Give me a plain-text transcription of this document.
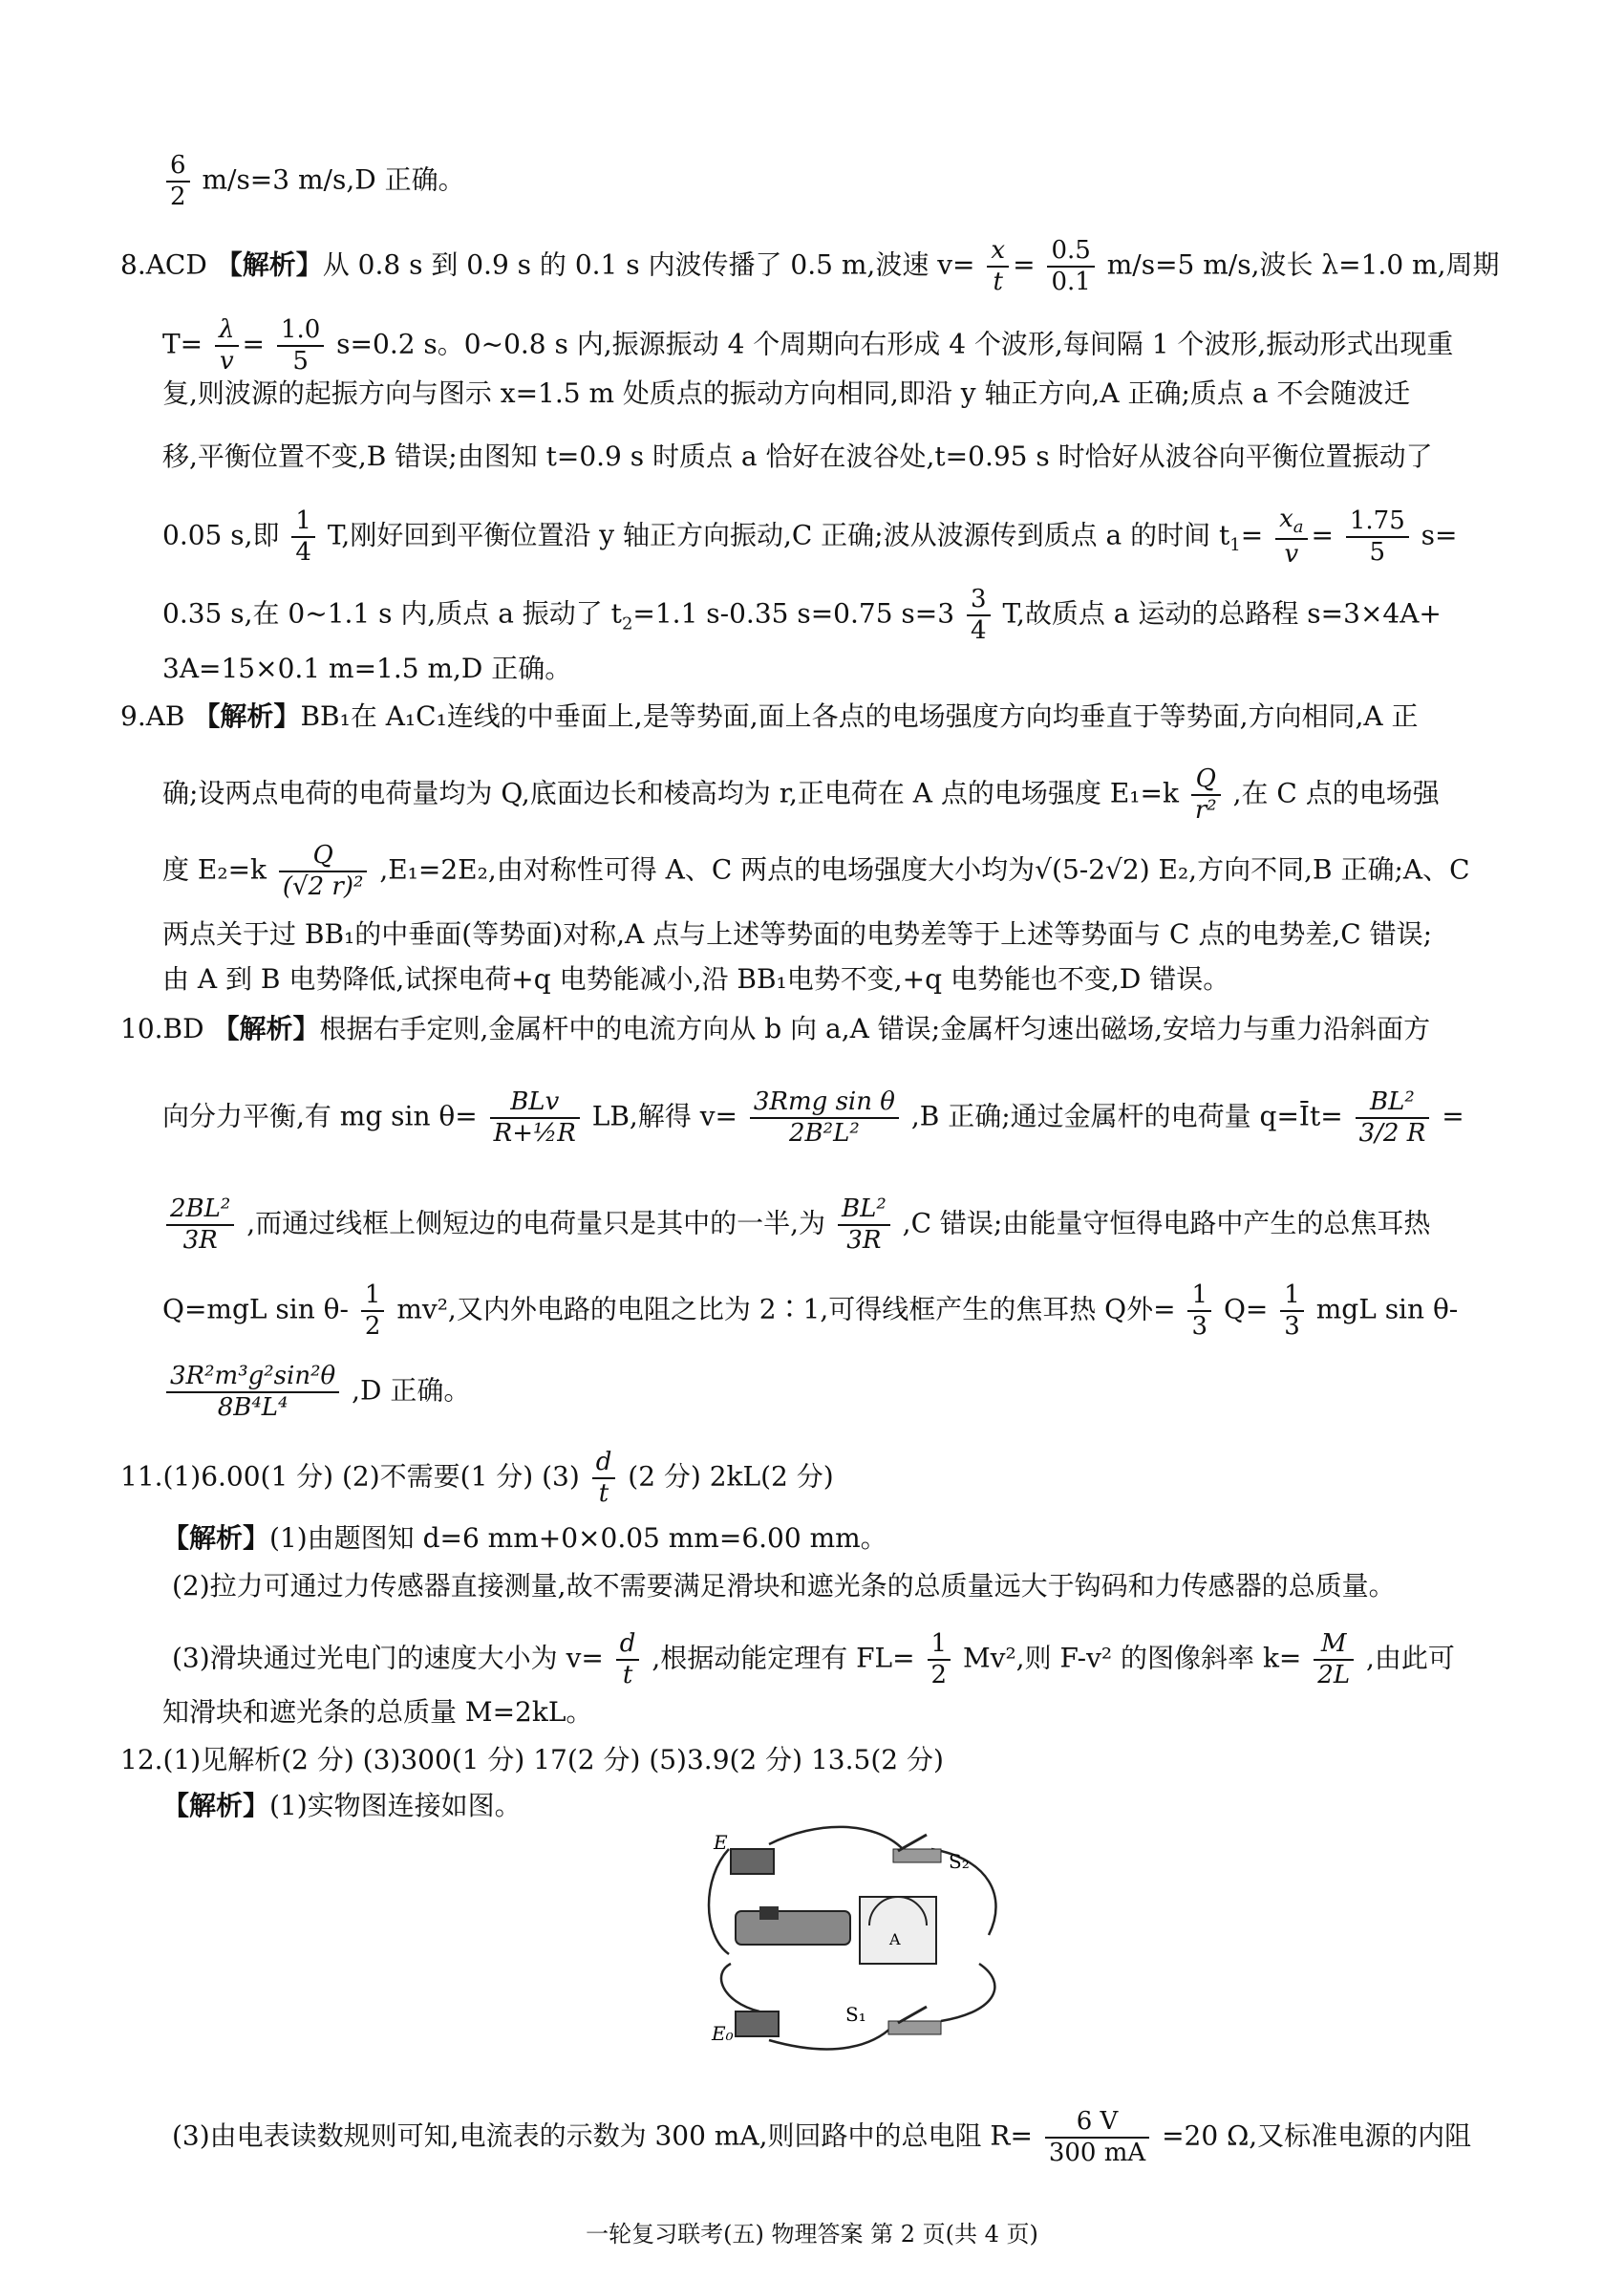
$\frac{6}{2} m/s=3$ m/s,D 正确。
8.ACD 【解析】从 0.8 s 到 0.9 s 的 0.1 s 内波传播了 0.5 m,波速 $v= \frac{x}{t} = \frac{0.5}{0.1} m/s=5$ m/s,波长 λ=1.0 m,周期
$T= \frac{\lambda}{v} = \frac{1.0}{5} s=0.2$ s。0~0.8 s 内,振源振动 4 个周期向右形成 4 个波形,每间隔 1 个波形,振动形式出现重
复,则波源的起振方向与图示 x=1.5 m 处质点的振动方向相同,即沿 y 轴正方向,A 正确;质点 a 不会随波迁
移,平衡位置不变,B 错误;由图知 t=0.9 s 时质点 a 恰好在波谷处,t=0.95 s 时恰好从波谷向平衡位置振动了
0.05 s,即 $\frac{1}{4} T$,刚好回到平衡位置沿 y 轴正方向振动,C 正确;波从波源传到质点 a 的时间 $t_1= \frac{x_a}{v} = \frac{1.75}{5} s=$
0.35 s,在 0~1.1 s 内,质点 a 振动了 $t_2=1.1$ s-0.35 s=0.75 $s=3 \frac{3}{4} T$,故质点 a 运动的总路程 s=3×4A+
3A=15×0.1 m=1.5 m,D 正确。
9.AB 【解析】BB₁在 A₁C₁连线的中垂面上,是等势面,面上各点的电场强度方向均垂直于等势面,方向相同,A 正
确;设两点电荷的电荷量均为 Q,底面边长和棱高均为 r,正电荷在 A 点的电场强度 $E_1=k \frac{Q}{\text{r²}}$ ,在 C 点的电场强
度 $E_2=k \frac{Q}{\text{(√2 r)²}} ,E_1=2E_2$,由对称性可得 A、C 两点的电场强度大小均为√(5-2√2) E₂,方向不同,B 正确;A、C
两点关于过 BB₁的中垂面(等势面)对称,A 点与上述等势面的电势差等于上述等势面与 C 点的电势差,C 错误;
由 A 到 B 电势降低,试探电荷+q 电势能减小,沿 BB₁电势不变,+q 电势能也不变,D 错误。
10.BD 【解析】根据右手定则,金属杆中的电流方向从 b 向 a,A 错误;金属杆匀速出磁场,安培力与重力沿斜面方
向分力平衡,有 mg sin θ=	BLv
R+½R
LB,解得 v= 3Rmg sin θ
2B²L²
,B 正确;通过金属杆的电荷量 q=Īt= $\frac{\text{BL²}}{3/2 R}$ =
$\frac{\text{2BL²}}{3R}$ ,而通过线框上侧短边的电荷量只是其中的一半,为 $\frac{\text{BL²}}{3R} ,C$ 错误;由能量守恒得电路中产生的总焦耳热
Q=mgL $\sin \theta- \frac{1}{2} mv^2$,又内外电路的电阻之比为 2∶1,可得线框产生的焦耳热 Q外= $\frac{1}{3} Q= \frac{1}{3}$ mgL sin θ-
$\frac{\text{3R²m³g²sin²θ}}{\text{8B⁴L⁴}} ,D$ 正确。
11.(1)6.00(1 分) (2)不需要(1 分) $(3) \frac{d}{t} (2$ 分) 2kL(2 分)
【解析】(1)由题图知 d=6 mm+0×0.05 mm=6.00 mm。
(2)拉力可通过力传感器直接测量,故不需要满足滑块和遮光条的总质量远大于钩码和力传感器的总质量。
(3)滑块通过光电门的速度大小为 $v= \frac{d}{t}$ ,根据动能定理有 $FL= \frac{1}{2} Mv^2$,则 F-v² 的图像斜率 $k= \frac{M}{2L}$ ,由此可
知滑块和遮光条的总质量 M=2kL。
12.(1)见解析(2 分) (3)300(1 分) 17(2 分) (5)3.9(2 分) 13.5(2 分)
【解析】(1)实物图连接如图。
E
E₀
S₂
S₁
A
(3)由电表读数规则可知,电流表的示数为 300 mA,则回路中的总电阻 $R= \frac{6 V}{300 mA} =20$ Ω,又标准电源的内阻
一轮复习联考(五) 物理答案 第 2 页(共 4 页)
